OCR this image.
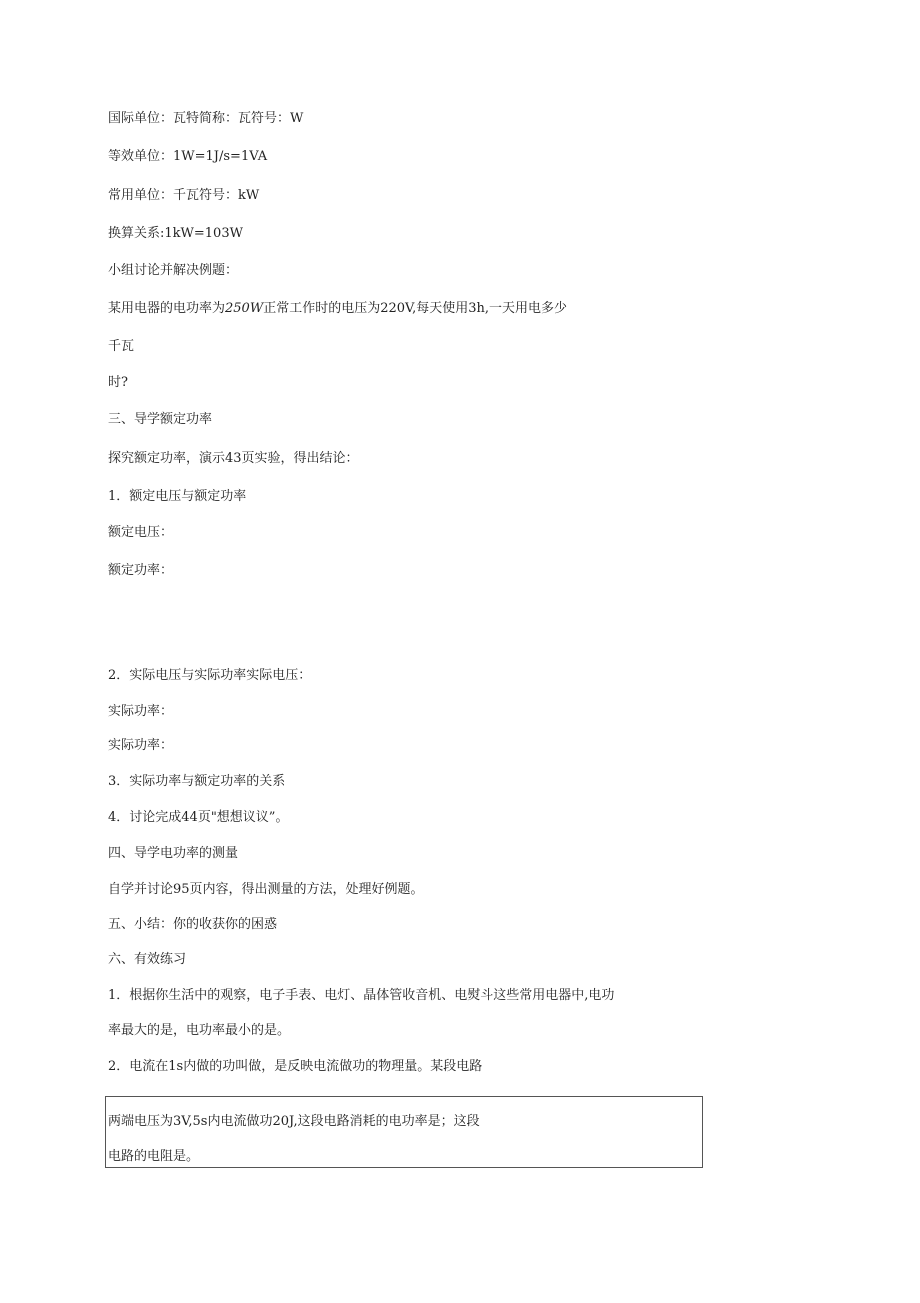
国际单位：瓦特简称：瓦符号：W
等效单位：1W=1J/s=1VA
常用单位：千瓦符号：kW
换算关系:1kW=103W
小组讨论并解决例题：
某用电器的电功率为250W正常工作时的电压为220V,每天使用3h,一天用电多少
千瓦
时?
三、导学额定功率
探究额定功率，演示43页实验，得出结论：
1．额定电压与额定功率
额定电压：
额定功率：
2．实际电压与实际功率实际电压：
实际功率：
实际功率：
3．实际功率与额定功率的关系
4．讨论完成44页"想想议议”。
四、导学电功率的测量
自学并讨论95页内容，得出测量的方法，处理好例题。
五、小结：你的收获你的困惑
六、有效练习
1．根据你生活中的观察，电子手表、电灯、晶体管收音机、电熨斗这些常用电器中,电功
率最大的是，电功率最小的是。
2．电流在1s内做的功叫做，是反映电流做功的物理量。某段电路
两端电压为3V,5s内电流做功20J,这段电路消耗的电功率是；这段
电路的电阻是。
